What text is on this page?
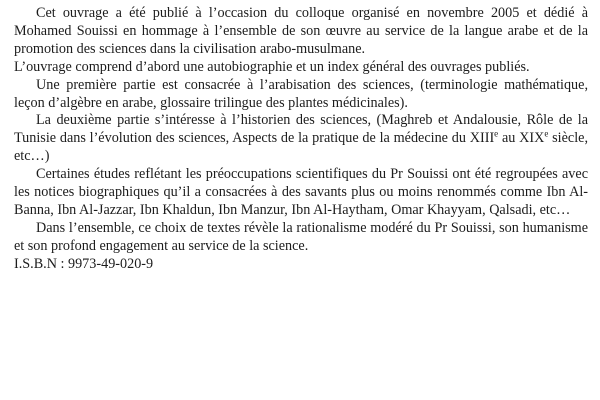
Cet ouvrage a été publié à l’occasion du colloque organisé en novembre 2005 et dédié à Mohamed Souissi en hommage à l’ensemble de son œuvre au service de la langue arabe et de la promotion des sciences dans la civilisation arabo-musulmane.

L’ouvrage comprend d’abord une autobiographie et un index général des ouvrages publiés.

Une première partie est consacrée à l’arabisation des sciences, (terminologie mathématique, leçon d’algèbre en arabe, glossaire trilingue des plantes médicinales).

La deuxième partie s’intéresse à l’historien des sciences, (Maghreb et Andalousie, Rôle de la Tunisie dans l’évolution des sciences, Aspects de la pratique de la médecine du XIIIe au XIXe siècle, etc…)

Certaines études reflétant les préoccupations scientifiques du Pr Souissi ont été regroupées avec les notices biographiques qu’il a consacrées à des savants plus ou moins renommés comme Ibn Al-Banna, Ibn Al-Jazzar, Ibn Khaldun, Ibn Manzur, Ibn Al-Haytham, Omar Khayyam, Qalsadi, etc…

Dans l’ensemble, ce choix de textes révèle la rationalisme modéré du Pr Souissi, son humanisme et son profond engagement au service de la science.

I.S.B.N : 9973-49-020-9
